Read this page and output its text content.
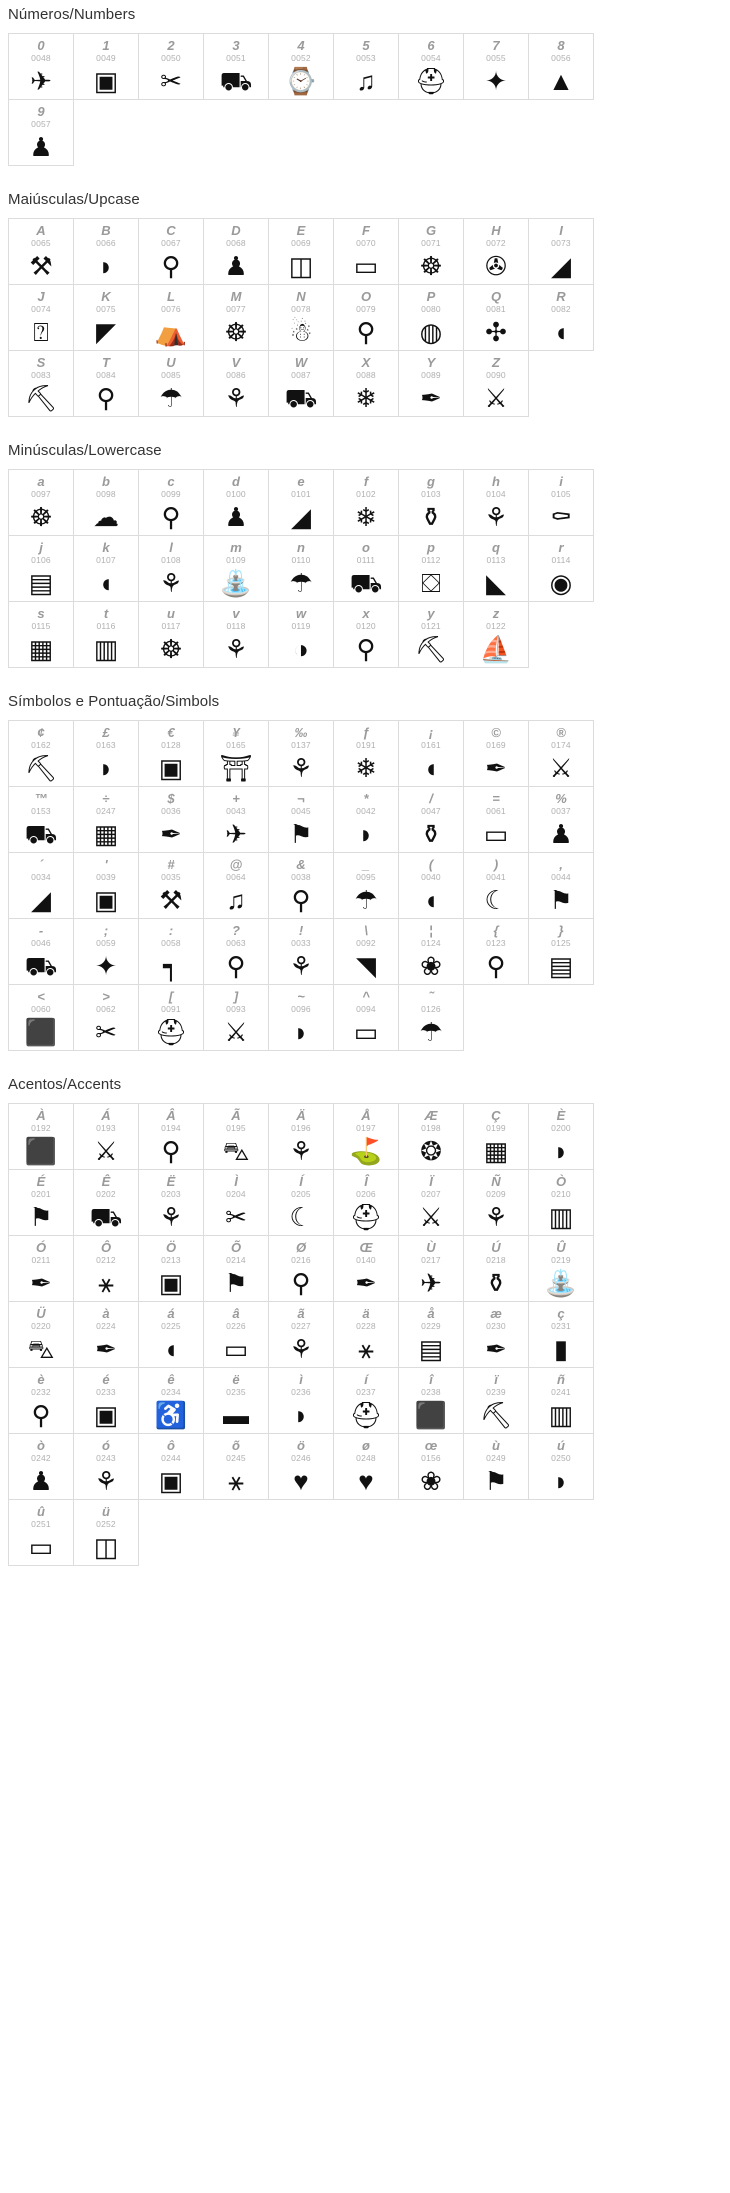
Números/Numbers
0
0048
✈
1
0049
▣
2
0050
✂
3
0051
⛟
4
0052
⌚
5
0053
♫
6
0054
⛑
7
0055
✦
8
0056
▲
9
0057
♟
Maiúsculas/Upcase
A
0065
⚒
B
0066
◗
C
0067
⚲
D
0068
♟
E
0069
◫
F
0070
▭
G
0071
☸
H
0072
✇
I
0073
◢
J
0074
⍰
K
0075
◤
L
0076
⛺
M
0077
☸
N
0078
☃
O
0079
⚲
P
0080
◍
Q
0081
✣
R
0082
◖
S
0083
⛏
T
0084
⚲
U
0085
☂
V
0086
⚘
W
0087
⛟
X
0088
❄
Y
0089
✒
Z
0090
⚔
Minúsculas/Lowercase
a
0097
☸
b
0098
☁
c
0099
⚲
d
0100
♟
e
0101
◢
f
0102
❄
g
0103
⚱
h
0104
⚘
i
0105
⚰
j
0106
▤
k
0107
◖
l
0108
⚘
m
0109
⛲
n
0110
☂
o
0111
⛟
p
0112
⛋
q
0113
◣
r
0114
◉
s
0115
▦
t
0116
▥
u
0117
☸
v
0118
⚘
w
0119
◑
x
0120
⚲
y
0121
⛏
z
0122
⛵
Símbolos e Pontuação/Simbols
¢
0162
⛏
£
0163
◗
€
0128
▣
¥
0165
⛩
‰
0137
⚘
ƒ
0191
❄
¡
0161
◖
©
0169
✒
®
0174
⚔
™
0153
⛟
÷
0247
▦
$
0036
✒
+
0043
✈
¬
0045
⚑
*
0042
◗
/
0047
⚱
=
0061
▭
%
0037
♟
´
0034
◢
'
0039
▣
#
0035
⚒
@
0064
♫
&
0038
⚲
_
0095
☂
(
0040
◖
)
0041
☾
,
0044
⚑
-
0046
⛟
;
0059
✦
:
0058
┑
?
0063
⚲
!
0033
⚘
\
0092
◥
¦
0124
❀
{
0123
⚲
}
0125
▤
<
0060
⬛
>
0062
✂
[
0091
⛑
]
0093
⚔
~
0096
◗
^
0094
▭
˜
0126
☂
Acentos/Accents
À
0192
⬛
Á
0193
⚔
Â
0194
⚲
Ã
0195
⛍
Ä
0196
⚘
Å
0197
⛳
Æ
0198
❂
Ç
0199
▦
È
0200
◗
É
0201
⚑
Ê
0202
⛟
Ë
0203
⚘
Ì
0204
✂
Í
0205
☾
Î
0206
⛑
Ï
0207
⚔
Ñ
0209
⚘
Ò
0210
▥
Ó
0211
✒
Ô
0212
⚹
Ö
0213
▣
Õ
0214
⚑
Ø
0216
⚲
Œ
0140
✒
Ù
0217
✈
Ú
0218
⚱
Û
0219
⛲
Ü
0220
⛍
à
0224
✒
á
0225
◖
â
0226
▭
ã
0227
⚘
ä
0228
⚹
å
0229
▤
æ
0230
✒
ç
0231
▮
è
0232
⚲
é
0233
▣
ê
0234
♿
ë
0235
▬
ì
0236
◗
í
0237
⛑
î
0238
⬛
ï
0239
⛏
ñ
0241
▥
ò
0242
♟
ó
0243
⚘
ô
0244
▣
õ
0245
⚹
ö
0246
♥
ø
0248
♥
œ
0156
❀
ù
0249
⚑
ú
0250
◗
û
0251
▭
ü
0252
◫
